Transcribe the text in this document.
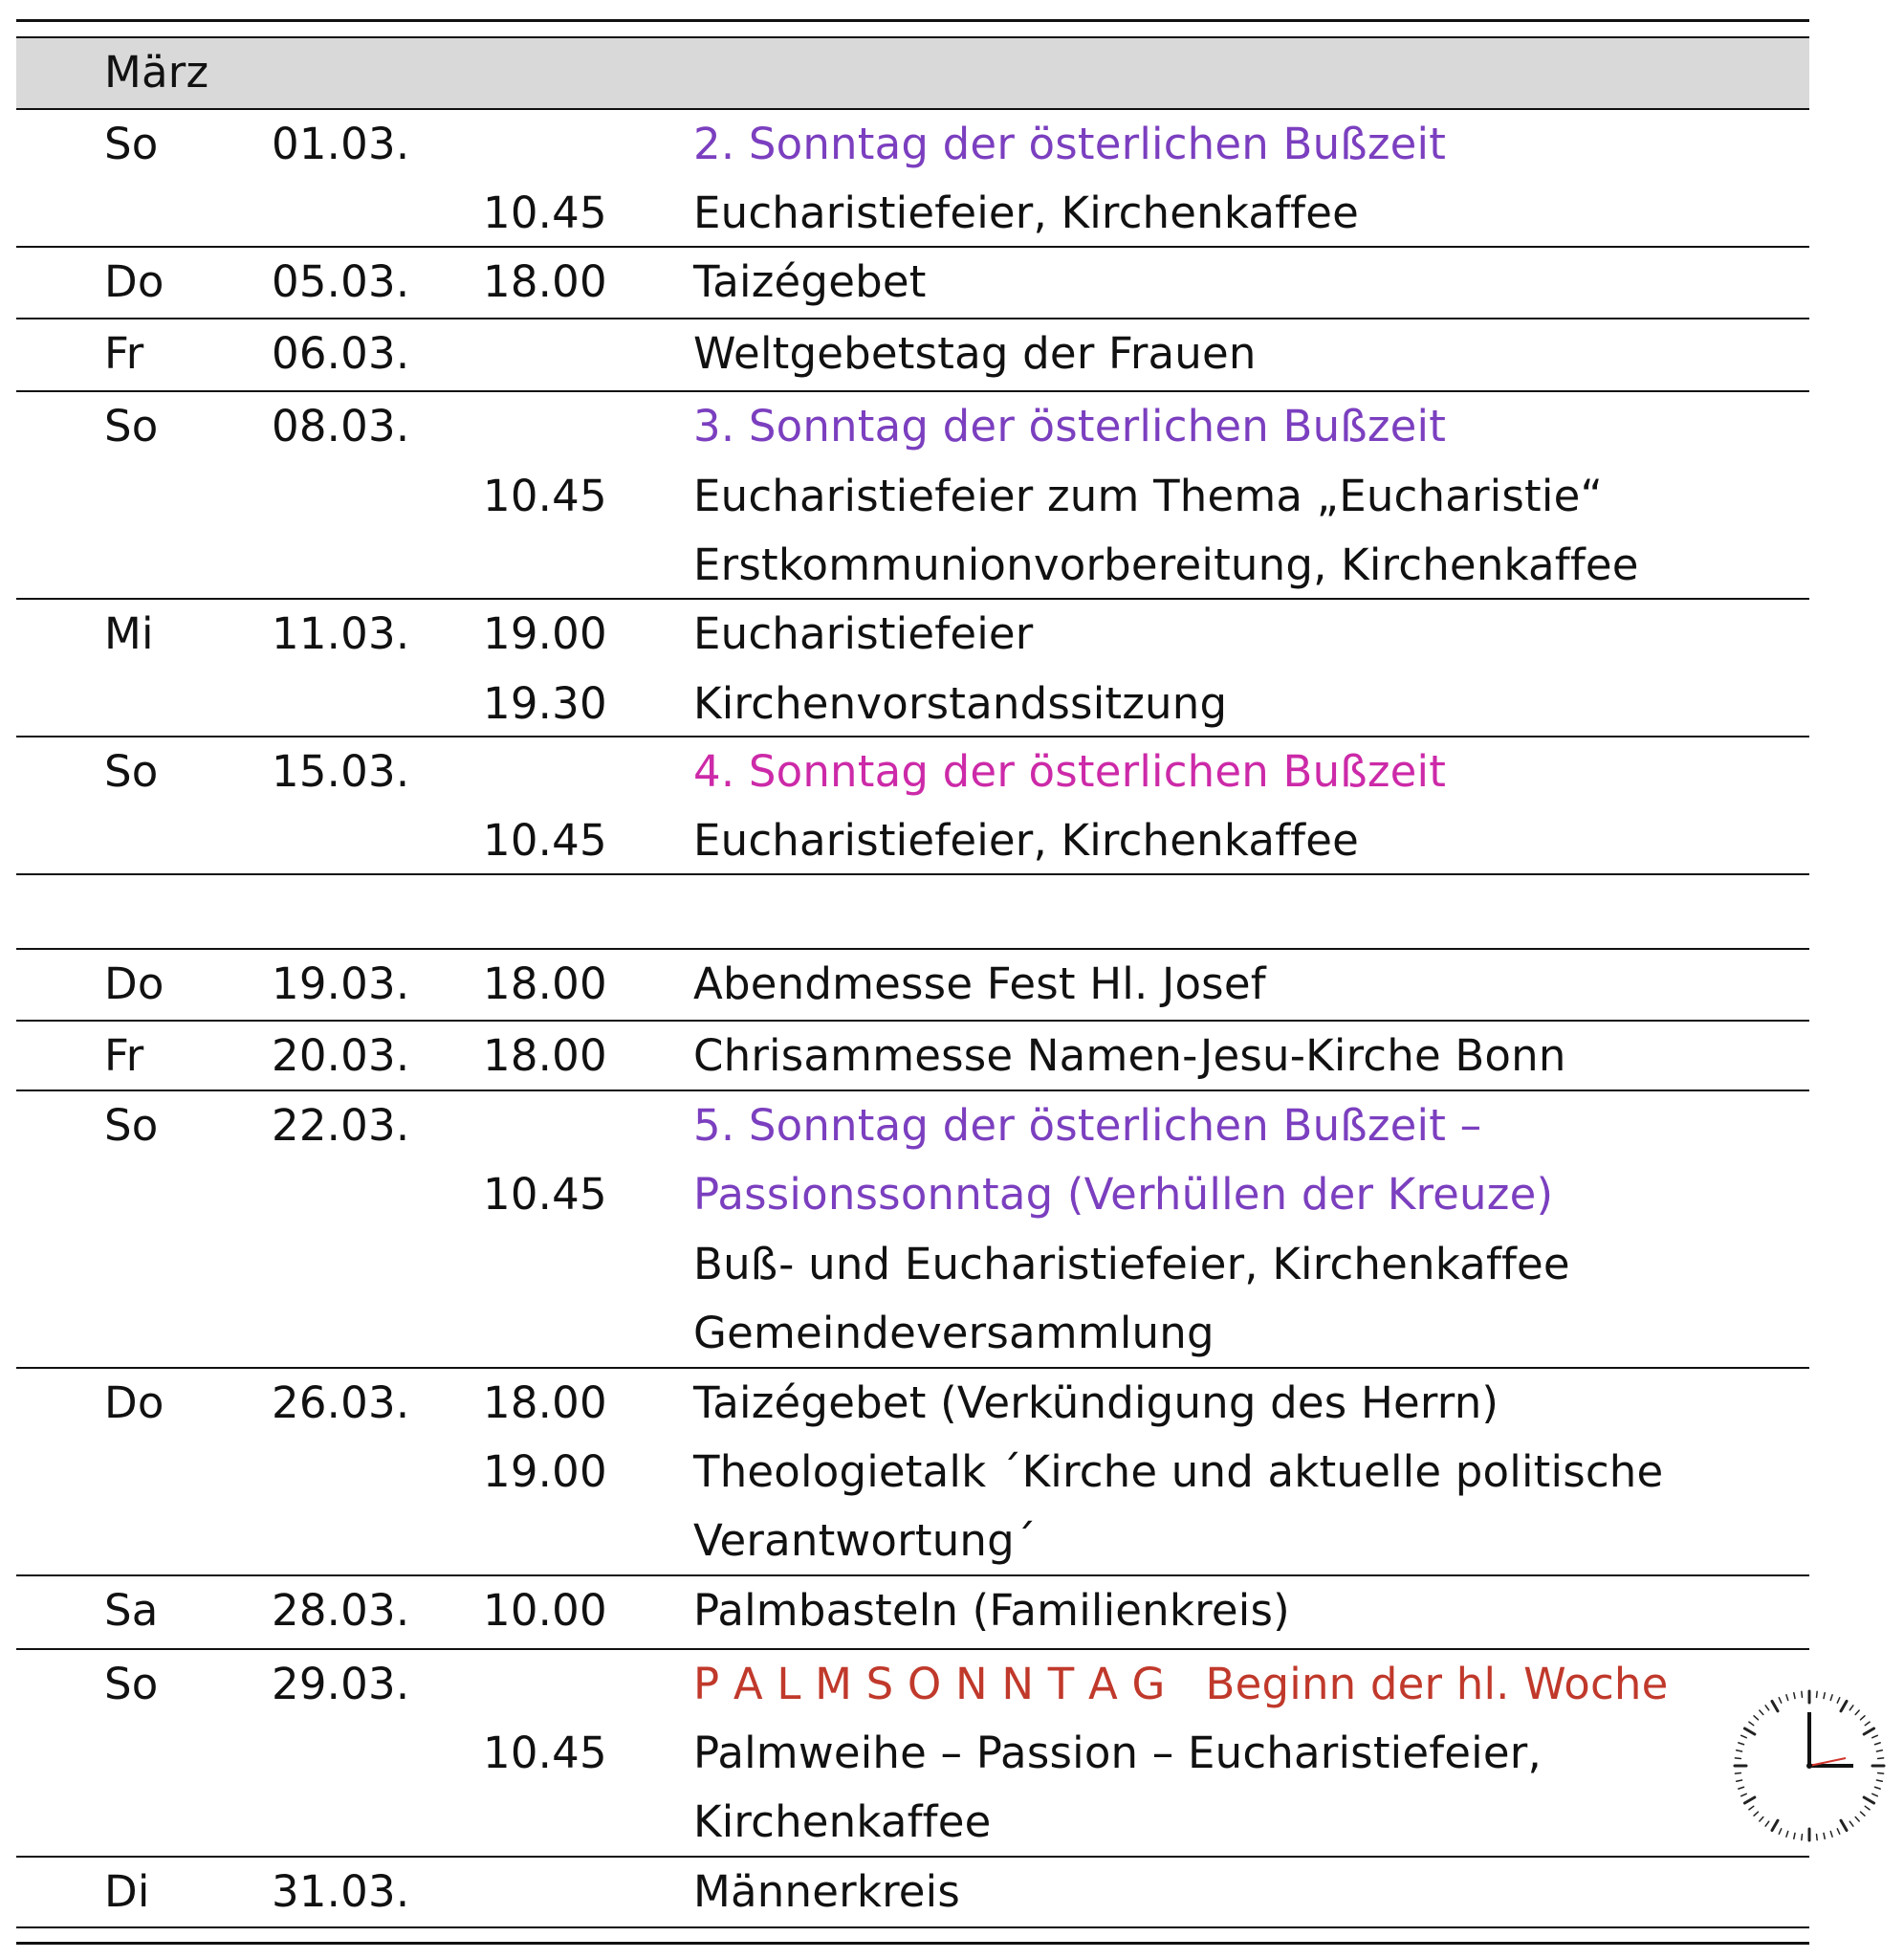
März
So	01.03.	2. Sonntag der österlichen Bußzeit
10.45 Eucharistiefeier, Kirchenkaffee
Do 05.03. 18.00 Taizégebet
Fr	06.03.	Weltgebetstag der Frauen
So	08.03.	3. Sonntag der österlichen Bußzeit
10.45 Eucharistiefeier zum Thema „Eucharistie“
Erstkommunionvorbereitung, Kirchenkaffee
Mi	11.03. 19.00 Eucharistiefeier
19.30 Kirchenvorstandssitzung
So	15.03.	4. Sonntag der österlichen Bußzeit
10.45 Eucharistiefeier, Kirchenkaffee
Do 19.03. 18.00 Abendmesse Fest Hl. Josef
Fr	20.03. 18.00 Chrisammesse Namen-Jesu-Kirche Bonn
So	22.03.	5. Sonntag der österlichen Bußzeit –
10.45 Passionssonntag (Verhüllen der Kreuze)
Buß- und Eucharistiefeier, Kirchenkaffee
Gemeindeversammlung
Do 26.03. 18.00 Taizégebet (Verkündigung des Herrn)
19.00 Theologietalk ´Kirche und aktuelle politische
Verantwortung´
Sa	28.03. 10.00 Palmbasteln (Familienkreis)
So	29.03.	P A L M S O N N T A G Beginn der hl. Woche
10.45 Palmweihe – Passion – Eucharistiefeier,
Kirchenkaffee
Di	31.03.	Männerkreis
